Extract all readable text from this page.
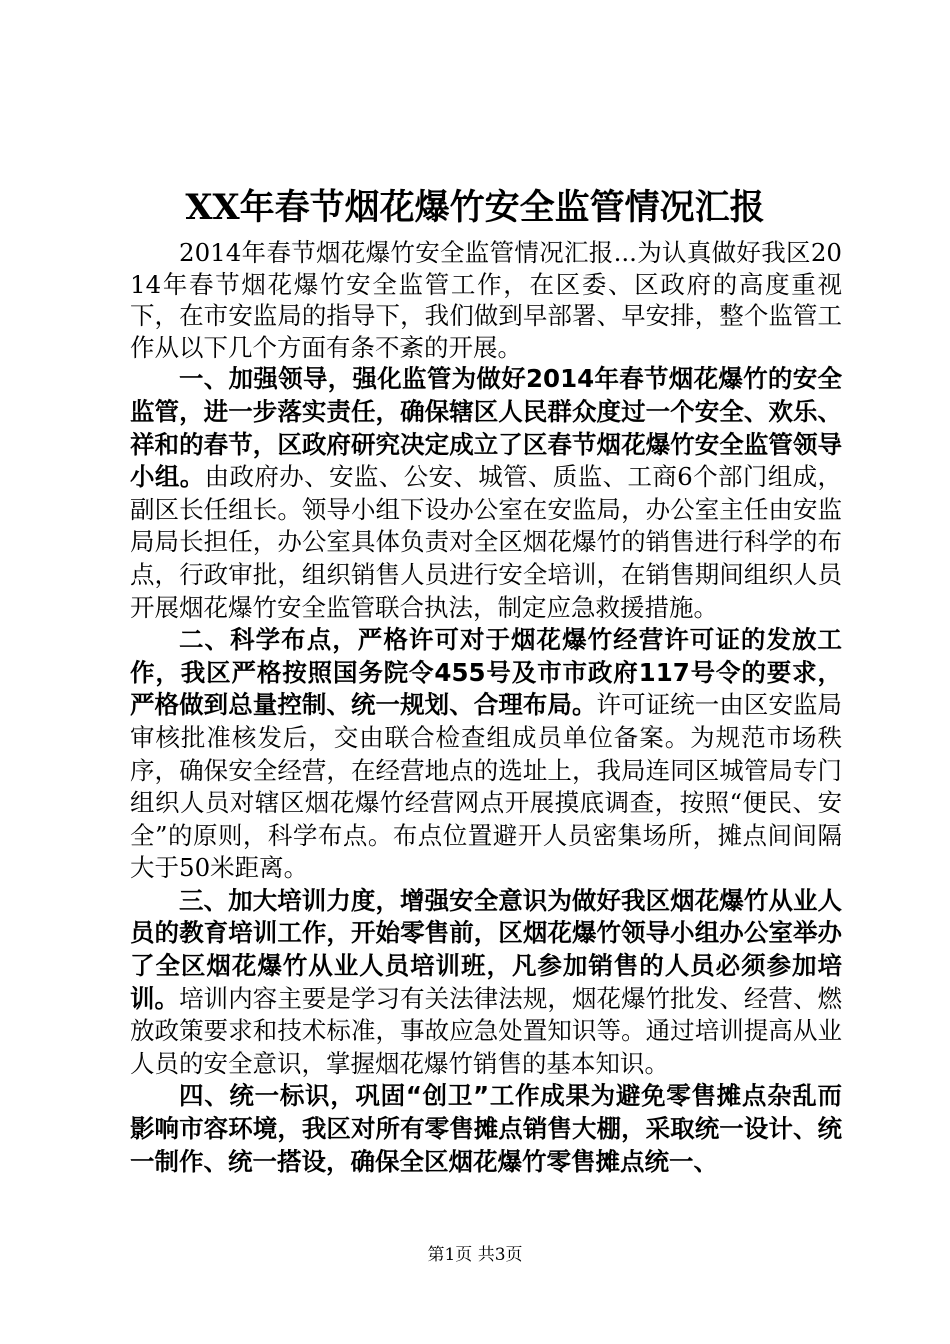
XX年春节烟花爆竹安全监管情况汇报

2014年春节烟花爆竹安全监管情况汇报...为认真做好我区2014年春节烟花爆竹安全监管工作，在区委、区政府的高度重视下，在市安监局的指导下，我们做到早部署、早安排，整个监管工作从以下几个方面有条不紊的开展。

一、加强领导，强化监管为做好2014年春节烟花爆竹的安全监管，进一步落实责任，确保辖区人民群众度过一个安全、欢乐、祥和的春节，区政府研究决定成立了区春节烟花爆竹安全监管领导小组。由政府办、安监、公安、城管、质监、工商6个部门组成，副区长任组长。领导小组下设办公室在安监局，办公室主任由安监局局长担任，办公室具体负责对全区烟花爆竹的销售进行科学的布点，行政审批，组织销售人员进行安全培训，在销售期间组织人员开展烟花爆竹安全监管联合执法，制定应急救援措施。

二、科学布点，严格许可对于烟花爆竹经营许可证的发放工作，我区严格按照国务院令455号及市市政府117号令的要求，严格做到总量控制、统一规划、合理布局。许可证统一由区安监局审核批准核发后，交由联合检查组成员单位备案。为规范市场秩序，确保安全经营，在经营地点的选址上，我局连同区城管局专门组织人员对辖区烟花爆竹经营网点开展摸底调查，按照“便民、安全”的原则，科学布点。布点位置避开人员密集场所，摊点间间隔大于50米距离。

三、加大培训力度，增强安全意识为做好我区烟花爆竹从业人员的教育培训工作，开始零售前，区烟花爆竹领导小组办公室举办了全区烟花爆竹从业人员培训班，凡参加销售的人员必须参加培训。培训内容主要是学习有关法律法规，烟花爆竹批发、经营、燃放政策要求和技术标准，事故应急处置知识等。通过培训提高从业人员的安全意识，掌握烟花爆竹销售的基本知识。

四、统一标识，巩固“创卫”工作成果为避免零售摊点杂乱而影响市容环境，我区对所有零售摊点销售大棚，采取统一设计、统一制作、统一搭设，确保全区烟花爆竹零售摊点统一、

第1页 共3页
